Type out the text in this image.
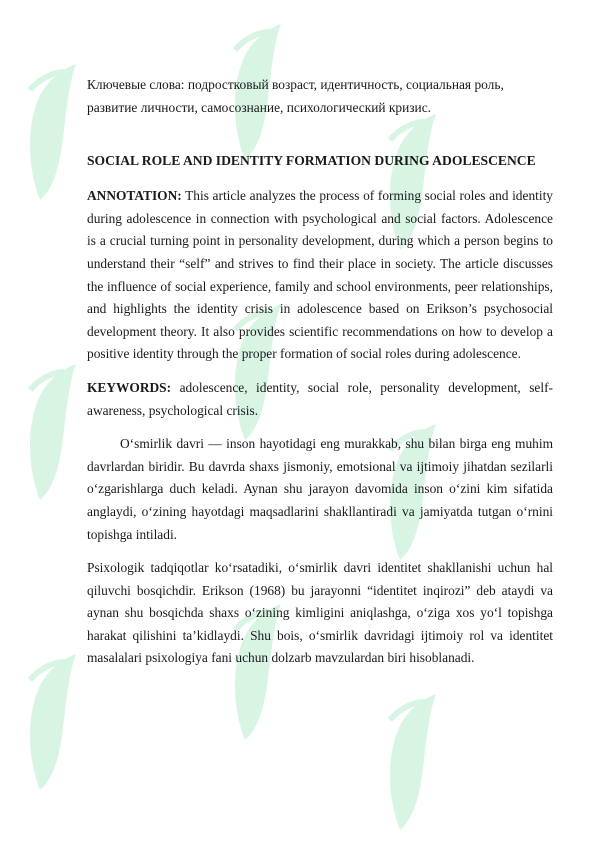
Ключевые слова: подростковый возраст, идентичность, социальная роль, развитие личности, самосознание, психологический кризис.

SOCIAL ROLE AND IDENTITY FORMATION DURING ADOLESCENCE

ANNOTATION: This article analyzes the process of forming social roles and identity during adolescence in connection with psychological and social factors. Adolescence is a crucial turning point in personality development, during which a person begins to understand their “self” and strives to find their place in society. The article discusses the influence of social experience, family and school environments, peer relationships, and highlights the identity crisis in adolescence based on Erikson’s psychosocial development theory. It also provides scientific recommendations on how to develop a positive identity through the proper formation of social roles during adolescence.

KEYWORDS: adolescence, identity, social role, personality development, self-awareness, psychological crisis.

O‘smirlik davri — inson hayotidagi eng murakkab, shu bilan birga eng muhim davrlardan biridir. Bu davrda shaxs jismoniy, emotsional va ijtimoiy jihatdan sezilarli o‘zgarishlarga duch keladi. Aynan shu jarayon davomida inson o‘zini kim sifatida anglaydi, o‘zining hayotdagi maqsadlarini shakllantiradi va jamiyatda tutgan o‘rnini topishga intiladi.

Psixologik tadqiqotlar ko‘rsatadiki, o‘smirlik davri identitet shakllanishi uchun hal qiluvchi bosqichdir. Erikson (1968) bu jarayonni “identitet inqirozi” deb ataydi va aynan shu bosqichda shaxs o‘zining kimligini aniqlashga, o‘ziga xos yo‘l topishga harakat qilishini ta’kidlaydi. Shu bois, o‘smirlik davridagi ijtimoiy rol va identitet masalalari psixologiya fani uchun dolzarb mavzulardan biri hisoblanadi.
